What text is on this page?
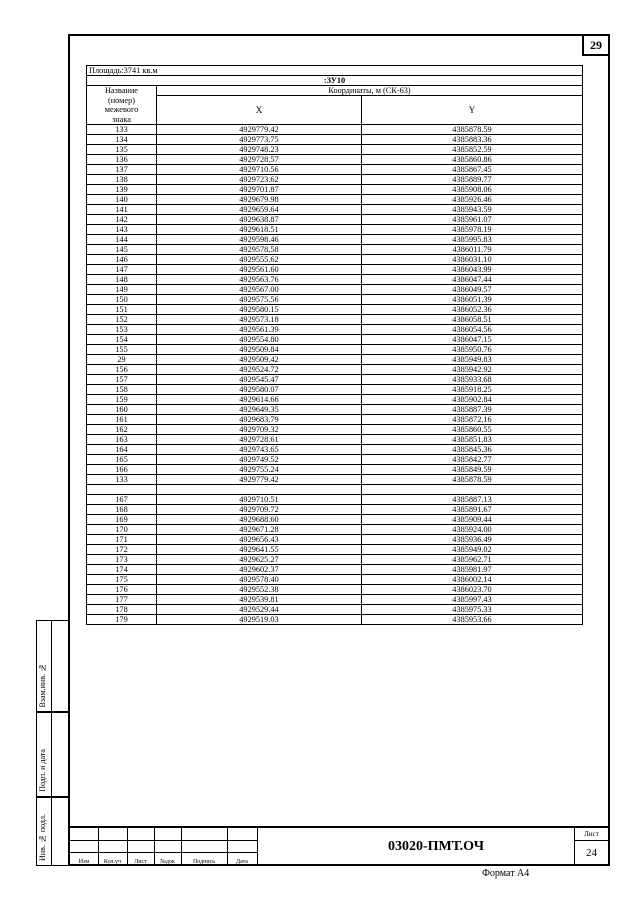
29
Взам.инв. №
Подп. и дата
Инв. № подл.
Площадь:3741 кв.м		
:ЗУ10		

Название
(номер)
межевого
знака	Координаты, м (СК-63)	
	X	Y
133	4929779.42	4385878.59
134	4929773.75	4385883.36
135	4929748.23	4385852.59
136	4929728.57	4385860.86
137	4929710.56	4385867.45
138	4929723.62	4385889.77
139	4929701.87	4385908.06
140	4929679.98	4385926.46
141	4929659.64	4385943.59
142	4929638.87	4385961.07
143	4929618.51	4385978.19
144	4929598.46	4385995.83
145	4929578.58	4386011.79
146	4929555.62	4386031.10
147	4929561.60	4386043.99
148	4929563.76	4386047.44
149	4929567.00	4386049.57
150	4929575.56	4386051.39
151	4929580.15	4386052.36
152	4929573.18	4386058.51
153	4929561.39	4386054.56
154	4929554.80	4386047.15
155	4929509.84	4385950.76
29	4929509.42	4385949.83
156	4929524.72	4385942.92
157	4929545.47	4385933.68
158	4929580.07	4385918.25
159	4929614.66	4385902.84
160	4929649.35	4385887.39
161	4929683.79	4385872.16
162	4929709.32	4385860.55
163	4929728.61	4385851.83
164	4929743.65	4385845.36
165	4929749.52	4385842.77
166	4929755.24	4385849.59
133	4929779.42	4385878.59

167	4929710.51	4385887.13
168	4929709.72	4385891.67
169	4929688.60	4385909.44
170	4929671.28	4385924.00
171	4929656.43	4385936.49
172	4929641.55	4385949.02
173	4929625.27	4385962.71
174	4929602.37	4385981.97
175	4929578.40	4386002.14
176	4929552.38	4386023.70
177	4929539.81	4385997.43
178	4929529.44	4385975.33
179	4929519.03	4385953.66
Изм	Кол.уч	Лист	№док	Подпись	Дата
03020-ПМТ.ОЧ
Лист
24
Формат А4
